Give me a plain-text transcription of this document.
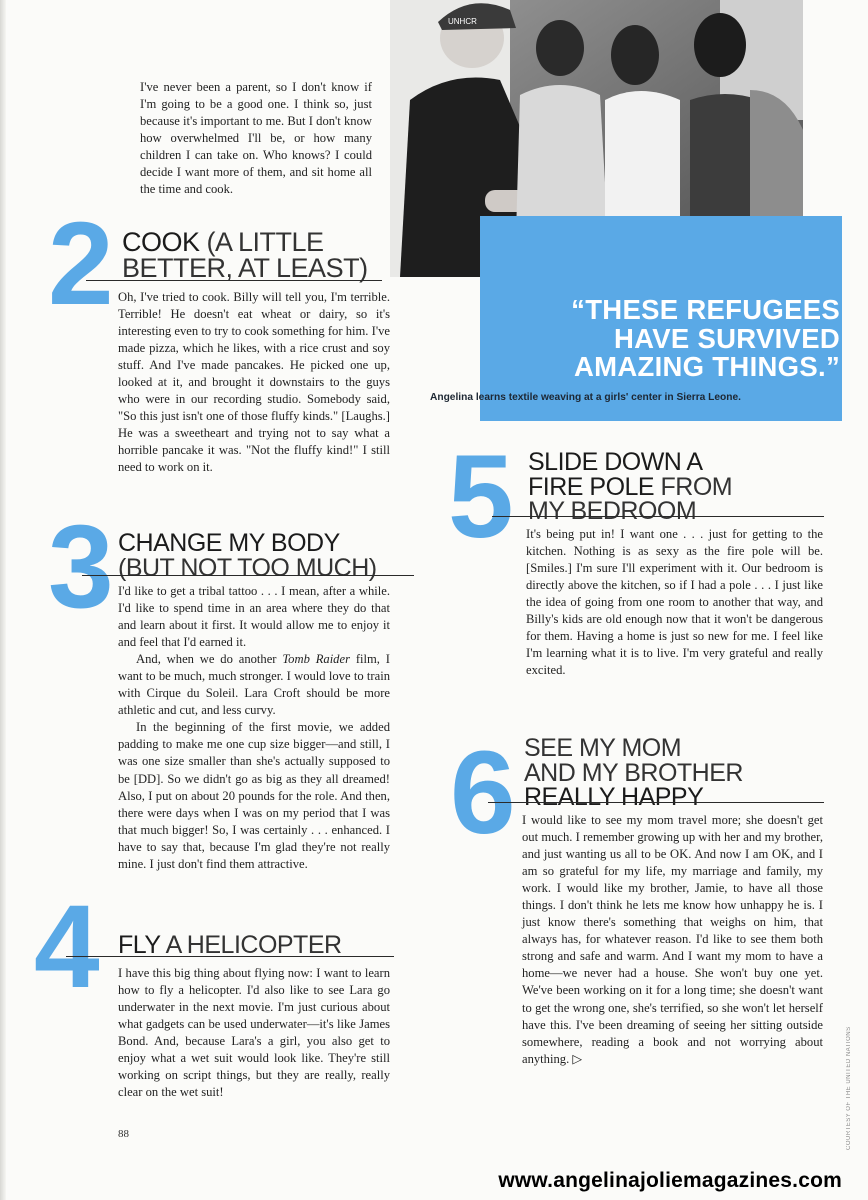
UNHCR

“THESE REFUGEES HAVE SURVIVED AMAZING THINGS.”

Angelina learns textile weaving at a girls' center in Sierra Leone.

I've never been a parent, so I don't know if I'm going to be a good one. I think so, just because it's important to me. But I don't know how overwhelmed I'll be, or how many children I can take on. Who knows? I could decide I want more of them, and sit home all the time and cook.

2 COOK (A LITTLE
BETTER, AT LEAST)

Oh, I've tried to cook. Billy will tell you, I'm terrible. Terrible! He doesn't eat wheat or dairy, so it's interesting even to try to cook something for him. I've made pizza, which he likes, with a rice crust and soy stuff. And I've made pancakes. He picked one up, looked at it, and brought it downstairs to the guys who were in our recording studio. Somebody said, "So this just isn't one of those fluffy kinds." [Laughs.] He was a sweetheart and trying not to say what a horrible pancake it was. "Not the fluffy kind!" I still need to work on it.

3 CHANGE MY BODY
(BUT NOT TOO MUCH)

I'd like to get a tribal tattoo . . . I mean, after a while. I'd like to spend time in an area where they do that and learn about it first. It would allow me to enjoy it and feel that I'd earned it.

And, when we do another Tomb Raider film, I want to be much, much stronger. I would love to train with Cirque du Soleil. Lara Croft should be more athletic and cut, and less curvy.

In the beginning of the first movie, we added padding to make me one cup size bigger—and still, I was one size smaller than she's actually supposed to be [DD]. So we didn't go as big as they all dreamed! Also, I put on about 20 pounds for the role. And then, there were days when I was on my period that I was that much bigger! So, I was certainly . . . enhanced. I have to say that, because I'm glad they're not really mine. I just don't find them attractive.

4 FLY A HELICOPTER

I have this big thing about flying now: I want to learn how to fly a helicopter. I'd also like to see Lara go underwater in the next movie. I'm just curious about what gadgets can be used underwater—it's like James Bond. And, because Lara's a girl, you also get to enjoy what a wet suit would look like. They're still working on script things, but they are really, really clear on the wet suit!

5 SLIDE DOWN A
FIRE POLE FROM
MY BEDROOM

It's being put in! I want one . . . just for getting to the kitchen. Nothing is as sexy as the fire pole will be. [Smiles.] I'm sure I'll experiment with it. Our bedroom is directly above the kitchen, so if I had a pole . . . I just like the idea of going from one room to another that way, and Billy's kids are old enough now that it won't be dangerous for them. Having a home is just so new for me. I feel like I'm learning what it is to live. I'm very grateful and really excited.

6 SEE MY MOM
AND MY BROTHER
REALLY HAPPY

I would like to see my mom travel more; she doesn't get out much. I remember growing up with her and my brother, and just wanting us all to be OK. And now I am OK, and I am so grateful for my life, my marriage and family, my work. I would like my brother, Jamie, to have all those things. I don't think he lets me know how unhappy he is. I just know there's something that weighs on him, that always has, for whatever reason. I'd like to see them both strong and safe and warm. And I want my mom to have a home—we never had a house. She won't buy one yet. We've been working on it for a long time; she doesn't want to get the wrong one, she's terrified, so she won't let herself have this. I've been dreaming of seeing her sitting outside somewhere, reading a book and not worrying about anything. ▷

88	COURTESY OF THE UNITED NATIONS
www.angelinajoliemagazines.com
